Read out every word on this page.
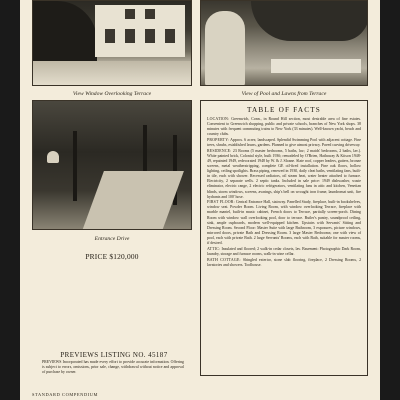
View Window Overlooking Terrace	View of Pool and Lawns from Terrace
Entrance Drive
PRICE $120,000
PREVIEWS LISTING NO. 45187
PREVIEWS Incorporated has made every effort to provide accurate information. Offering is subject to errors, omissions, prior sale, change, withdrawal without notice and approval of purchase by owner.
TABLE OF FACTS
LOCATION: Greenwich, Conn., in Round Hill section, most desirable area of fine estates. Convenient to Greenwich shopping, public and private schools, branches of New York shops. 38 minutes with frequent commuting trains to New York (33 minutes). Well-known yacht, beach and country clubs.
PROPERTY: Approx. 6 acres; landscaped. Splendid Swimming Pool with adjacent cottage. Fine trees, shrubs, established lawns, gardens. Planned to give utmost privacy. Paved curving driveway.
RESIDENCE: 23 Rooms (5 master bedrooms, 5 baths, lav.; 2 maids' bedrooms, 2 baths, lav.). White painted brick, Colonial style, built 1936; remodeled by O'Brien, Hathaway & Kitson 1948-49, repainted 1949, redecorated 1948 by W. & J. Sloane. Slate roof, copper leaders, gutters, bronze screens, metal weatherstripping, complete GE oil-fired installation. Fine oak floors, hollow lighting, ceiling spotlights. Brass piping, renewed in 1930, daily cleat baths, ventilating fans, built-in tile, each with shower. Recessed radiators, oil steam heat, water heater attached to furnace. Electricity, 2 separate wells. 2 septic tanks. Included in sale price: 1949 dishwasher, waste eliminator, electric range, 2 electric refrigerators, ventilating fans in attic and kitchen, Venetian blinds, storm windows, screens, awnings, ship's bell on wrought iron frame, laundromat unit, fire hydrants and 100' hose.
FIRST FLOOR: Central Entrance Hall, stairway. Panelled Study, fireplace, built-in bookshelves, window seat. Powder Room. Living Room, with window overlooking Terrace, fireplace with marble mantel, built-in music cabinet, French doors to Terrace, partially screen-porch. Dining Room with window wall overlooking pool, door to terrace. Butler's pantry, soundproof ceiling, sink, ample cupboards, modern well-equipped kitchen. Upstairs with Servants' Sitting and Dressing Room. Second Floor: Master Suite with large Bathroom, 3 exposures, picture windows, mirrored doors, private Bath and Dressing Room. 3 large Master Bedrooms; one with view of pool, each with private Bath. 2 large Servants' Rooms, each with Bath, suitable for master rooms, if desired.
ATTIC: Insulated and floored; 2 walk-in cedar closets, lav. Basement: Photographic Dark Room, laundry, storage and furnace rooms, walk-in wine cellar.
BATH COTTAGE: Shingled exterior, stone slab flooring, fireplace, 2 Dressing Rooms, 2 lavatories and showers. Toolhouse.
STANDARD COMPENDIUM
